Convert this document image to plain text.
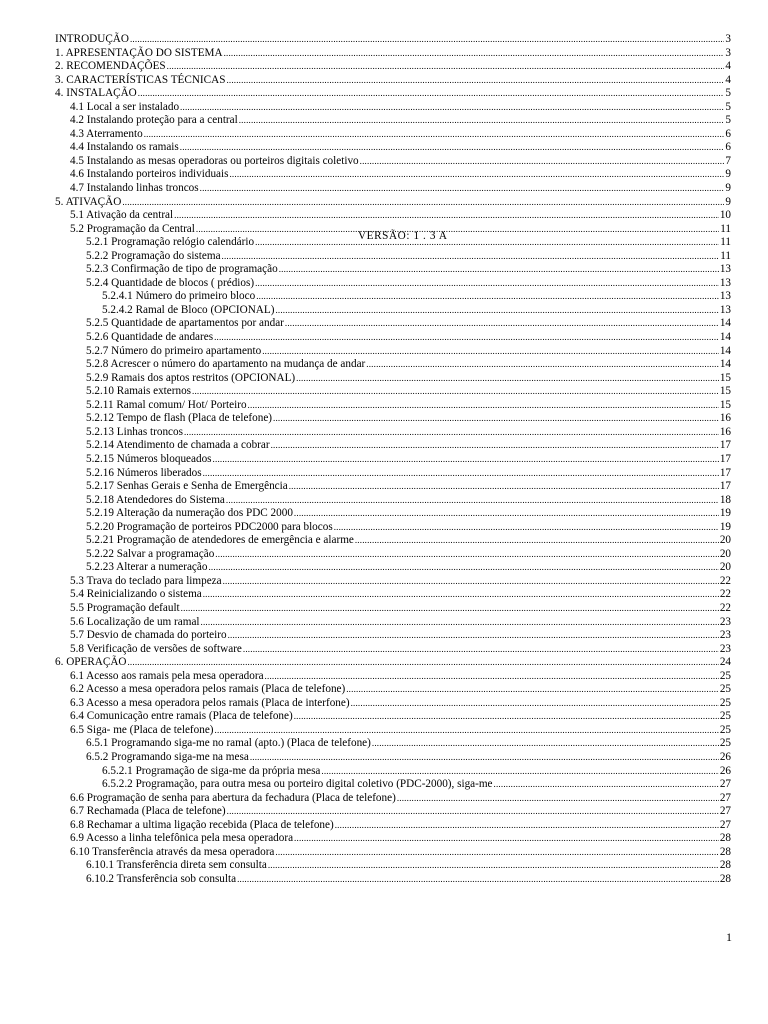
INTRODUÇÃO .....	3
1. APRESENTAÇÃO DO SISTEMA .....	3
2. RECOMENDAÇÕES .....	4
3. CARACTERÍSTICAS TÉCNICAS .....	4
4. INSTALAÇÃO .....	5
4.1 Local a ser instalado .....	5
4.2 Instalando proteção para a central .....	5
4.3 Aterramento .....	6
4.4 Instalando os ramais .....	6
4.5 Instalando as mesas operadoras ou porteiros digitais coletivo .....	7
4.6 Instalando porteiros individuais .....	9
4.7 Instalando linhas troncos .....	9
5. ATIVAÇÃO .....	9
5.1 Ativação da central .....	10
5.2 Programação da Central .....	11
5.2.1 Programação relógio calendário .....	11
5.2.2 Programação do sistema .....	11
5.2.3 Confirmação de tipo de programação .....	13
5.2.4 Quantidade de blocos ( prédios) .....	13
5.2.4.1 Número do primeiro bloco .....	13
5.2.4.2 Ramal de Bloco (OPCIONAL) .....	13
5.2.5 Quantidade de apartamentos por andar .....	14
5.2.6 Quantidade de andares .....	14
5.2.7 Número do primeiro apartamento .....	14
5.2.8 Acrescer o número do apartamento na mudança de andar .....	14
5.2.9 Ramais dos aptos restritos (OPCIONAL) .....	15
5.2.10 Ramais externos .....	15
5.2.11 Ramal comum/ Hot/ Porteiro .....	15
5.2.12 Tempo de flash (Placa de telefone) .....	16
5.2.13 Linhas troncos .....	16
5.2.14 Atendimento de chamada a cobrar .....	17
5.2.15 Números bloqueados .....	17
5.2.16 Números liberados .....	17
5.2.17 Senhas Gerais e Senha de Emergência .....	17
5.2.18 Atendedores do Sistema .....	18
5.2.19 Alteração da numeração dos PDC 2000 .....	19
5.2.20 Programação de porteiros PDC2000 para blocos .....	19
5.2.21 Programação de atendedores de emergência e alarme .....	20
5.2.22 Salvar a programação .....	20
5.2.23 Alterar a numeração .....	20
5.3 Trava do teclado para limpeza .....	22
5.4 Reinicializando o sistema .....	22
5.5 Programação default .....	22
5.6 Localização de um ramal .....	23
5.7 Desvio de chamada do porteiro .....	23
5.8 Verificação de versões de software .....	23
6. OPERAÇÃO .....	24
6.1 Acesso aos ramais pela mesa operadora .....	25
6.2 Acesso a mesa operadora pelos ramais (Placa de telefone) .....	25
6.3 Acesso a mesa operadora pelos ramais (Placa de interfone) .....	25
6.4 Comunicação entre ramais (Placa de telefone) .....	25
6.5 Siga- me (Placa de telefone) .....	25
6.5.1 Programando siga-me no ramal (apto.) (Placa de telefone) .....	25
6.5.2 Programando siga-me na mesa .....	26
6.5.2.1 Programação de siga-me da própria mesa .....	26
6.5.2.2 Programação, para outra mesa ou porteiro digital coletivo (PDC-2000), siga-me .....	27
6.6 Programação de senha para abertura da fechadura (Placa de telefone) .....	27
6.7 Rechamada (Placa de telefone) .....	27
6.8 Rechamar a ultima ligação recebida (Placa de telefone) .....	27
6.9 Acesso a linha telefônica pela mesa operadora .....	28
6.10 Transferência através da mesa operadora .....	28
6.10.1 Transferência direta sem consulta .....	28
6.10.2 Transferência sob consulta .....	28
VERSÃO: 1 . 3 A
1
